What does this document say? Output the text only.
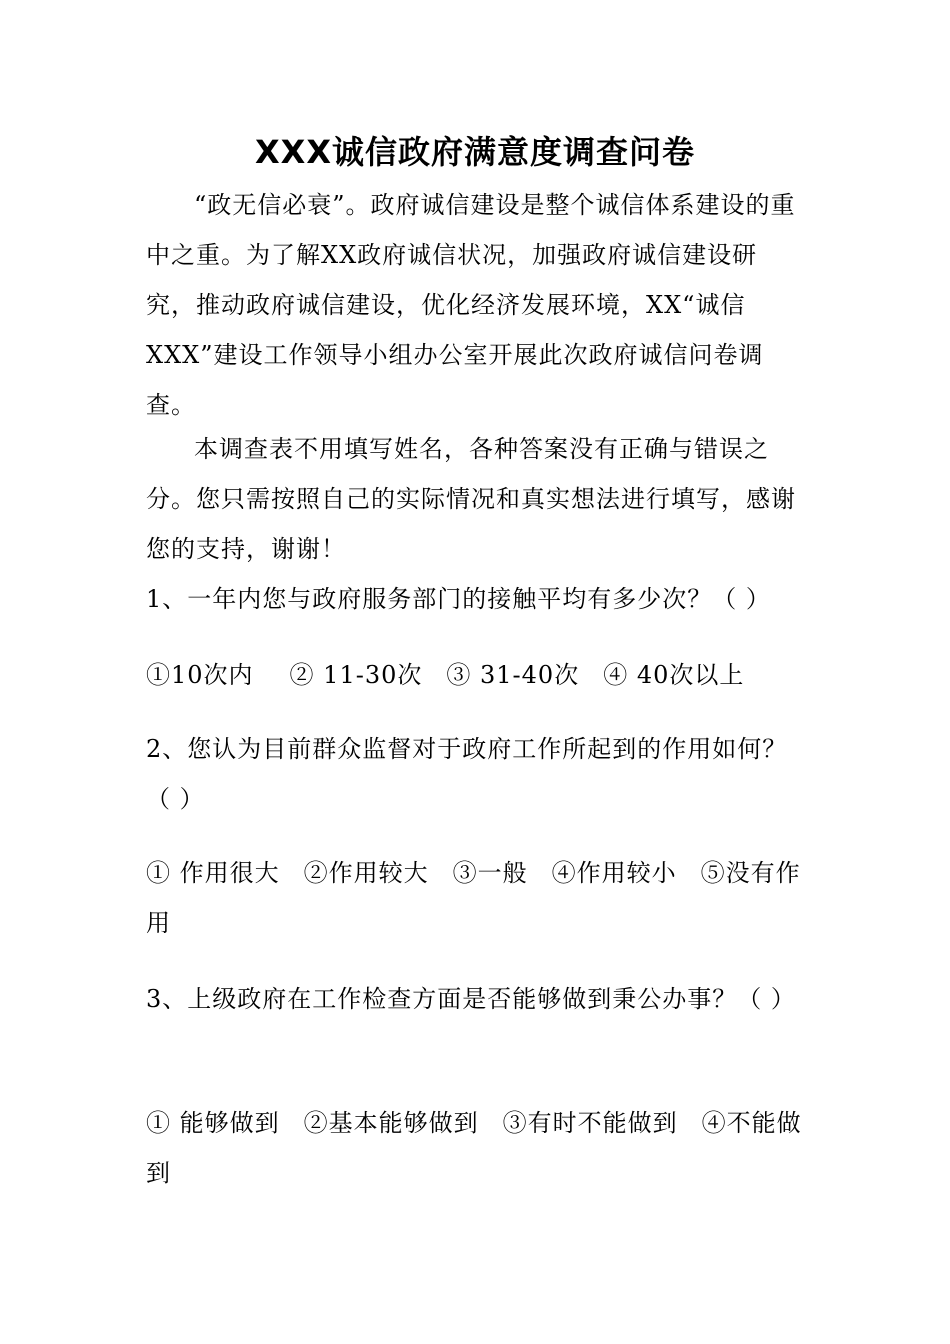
XXX诚信政府满意度调查问卷

“政无信必衰”。政府诚信建设是整个诚信体系建设的重中之重。为了解XX政府诚信状况，加强政府诚信建设研究，推动政府诚信建设，优化经济发展环境，XX“诚信XXX”建设工作领导小组办公室开展此次政府诚信问卷调查。

本调查表不用填写姓名，各种答案没有正确与错误之分。您只需按照自己的实际情况和真实想法进行填写，感谢您的支持，谢谢！

1、一年内您与政府服务部门的接触平均有多少次？（ ）

①10次内 ② 11-30次 ③ 31-40次 ④ 40次以上

2、您认为目前群众监督对于政府工作所起到的作用如何？（ ）

① 作用很大 ②作用较大 ③一般 ④作用较小 ⑤没有作用

3、上级政府在工作检查方面是否能够做到秉公办事？（ ）

① 能够做到 ②基本能够做到 ③有时不能做到 ④不能做到
